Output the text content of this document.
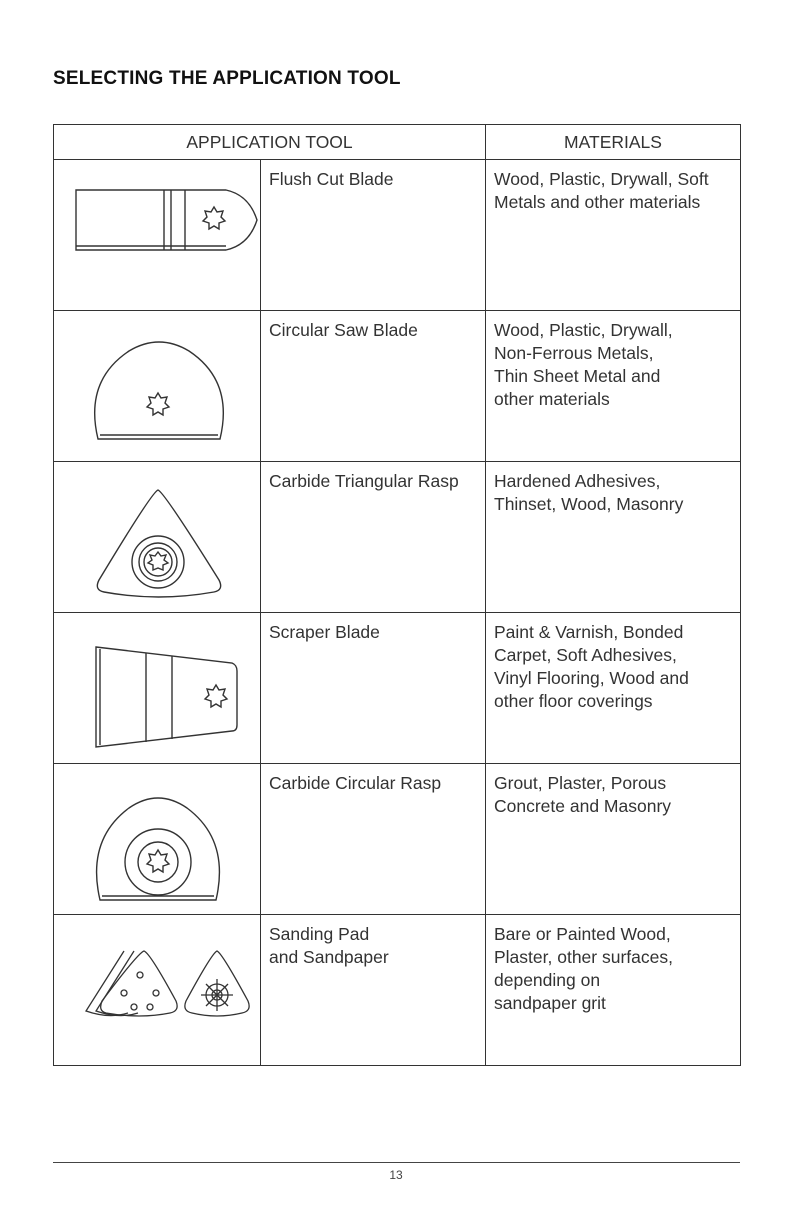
SELECTING THE APPLICATION TOOL
APPLICATION TOOL		MATERIALS

	Flush Cut Blade	Wood, Plastic, Drywall, Soft
Metals and other materials

	Circular Saw Blade	Wood, Plastic, Drywall,
Non-Ferrous Metals,
Thin Sheet Metal and
other materials

	Carbide Triangular Rasp	Hardened Adhesives,
Thinset, Wood, Masonry

	Scraper Blade	Paint & Varnish, Bonded
Carpet, Soft Adhesives,
Vinyl Flooring, Wood and
other floor coverings

	Carbide Circular Rasp	Grout, Plaster, Porous
Concrete and Masonry

	Sanding Pad
and Sandpaper	Bare or Painted Wood,
Plaster, other surfaces,
depending on
sandpaper grit
13
